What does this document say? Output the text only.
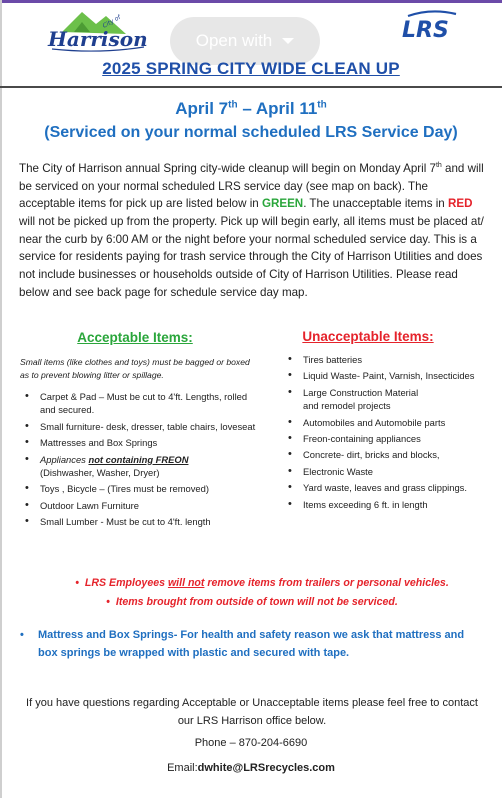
Harrison
City of	LRS
Open with
2025 SPRING CITY WIDE CLEAN UP
April 7th – April 11th
(Serviced on your normal scheduled LRS Service Day)
The City of Harrison annual Spring city-wide cleanup will begin on Monday April 7th and will be serviced on your normal scheduled LRS service day (see map on back). The acceptable items for pick up are listed below in GREEN. The unacceptable items in RED will not be picked up from the property. Pick up will begin early, all items must be placed at/ near the curb by 6:00 AM or the night before your normal scheduled service day. This is a service for residents paying for trash service through the City of Harrison Utilities and does not include businesses or households outside of City of Harrison Utilities. Please read below and see back page for schedule service day map.
Acceptable Items:
Small items (like clothes and toys) must be bagged or boxed as to prevent blowing litter or spillage.
• Carpet & Pad – Must be cut to 4'ft. Lengths, rolled and secured.
• Small furniture- desk, dresser, table chairs, loveseat
• Mattresses and Box Springs
• Appliances not containing FREON
(Dishwasher, Washer, Dryer)
• Toys , Bicycle – (Tires must be removed)
• Outdoor Lawn Furniture
• Small Lumber - Must be cut to 4'ft. length
Unacceptable Items:
• Tires batteries
• Liquid Waste- Paint, Varnish, Insecticides
• Large Construction Material
and remodel projects
• Automobiles and Automobile parts
• Freon-containing appliances
• Concrete- dirt, bricks and blocks,
• Electronic Waste
• Yard waste, leaves and grass clippings.
• Items exceeding 6 ft. in length
• LRS Employees will not remove items from trailers or personal vehicles.
• Items brought from outside of town will not be serviced.
• Mattress and Box Springs- For health and safety reason we ask that mattress and box springs be wrapped with plastic and secured with tape.
If you have questions regarding Acceptable or Unacceptable items please feel free to contact our LRS Harrison office below.
Phone – 870-204-6690
Email:dwhite@LRSrecycles.com
